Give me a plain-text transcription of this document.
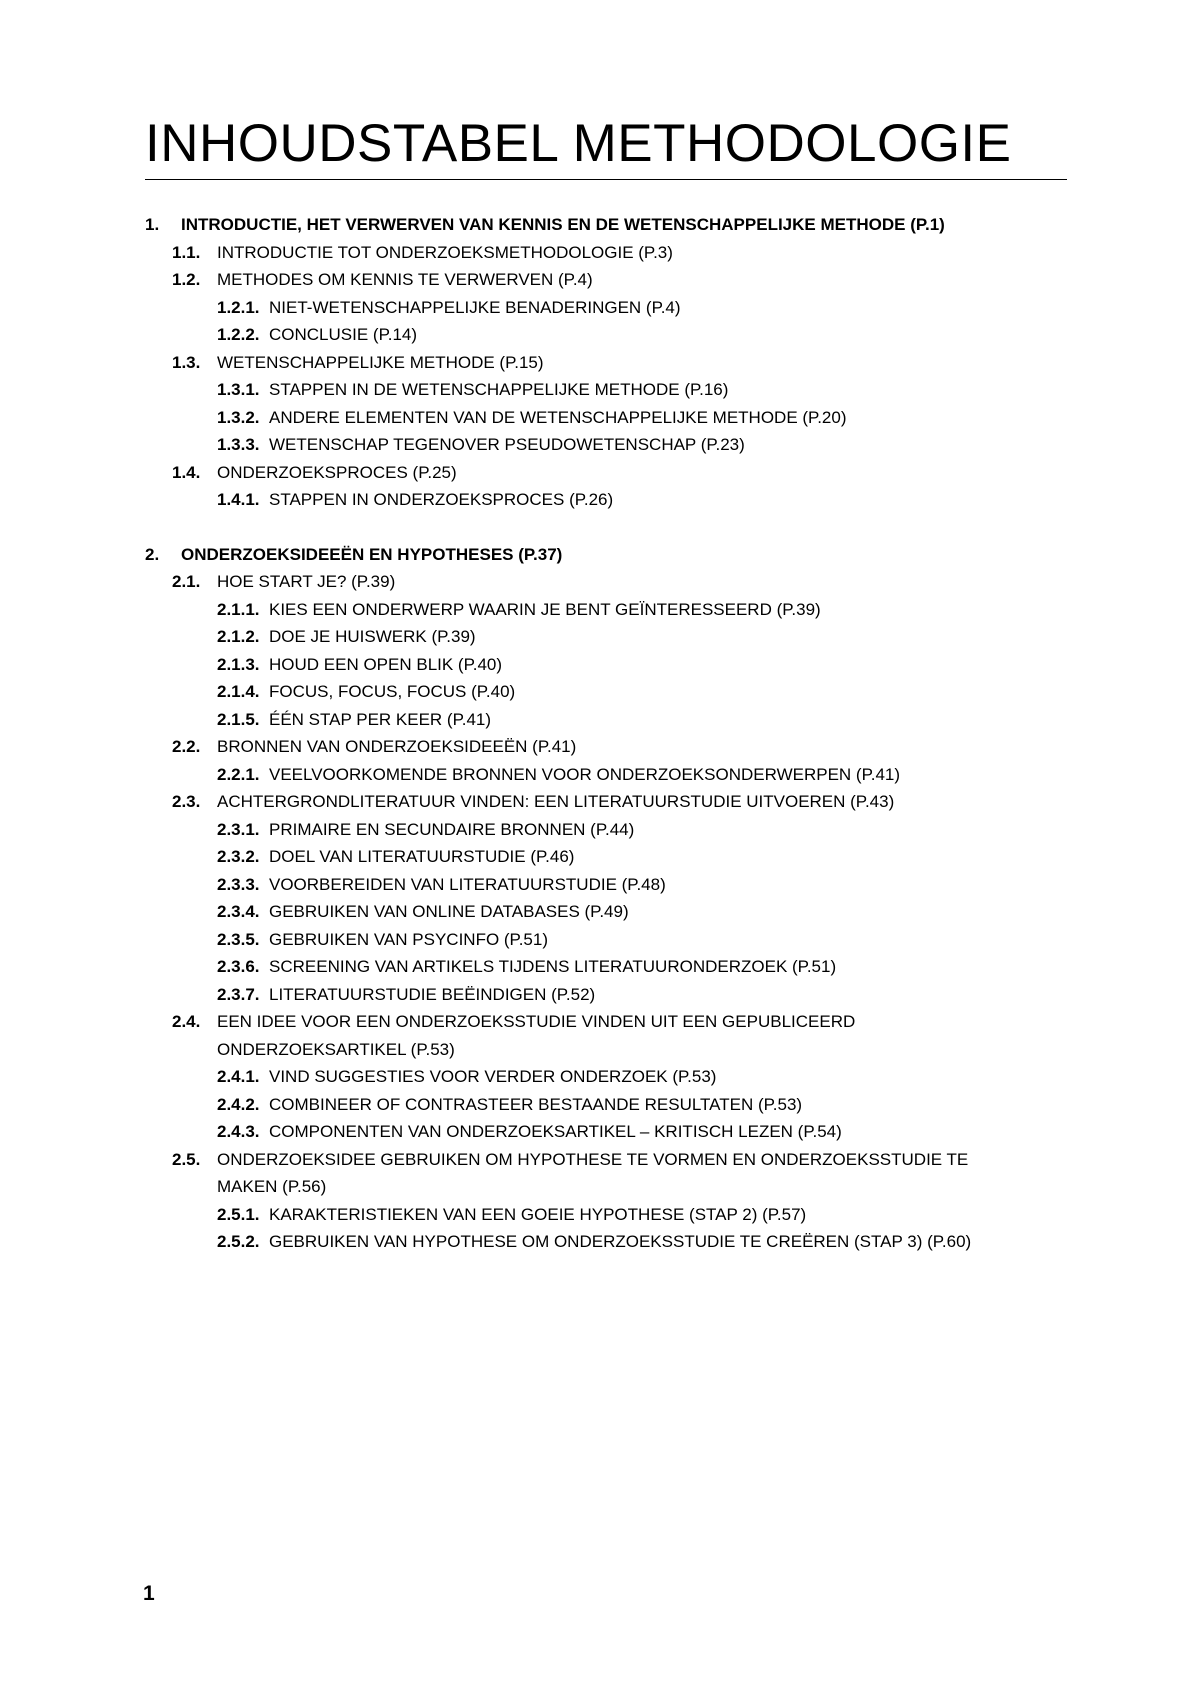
INHOUDSTABEL METHODOLOGIE
1. INTRODUCTIE, HET VERWERVEN VAN KENNIS EN DE WETENSCHAPPELIJKE METHODE (P.1)
1.1. INTRODUCTIE TOT ONDERZOEKSMETHODOLOGIE (P.3)
1.2. METHODES OM KENNIS TE VERWERVEN (P.4)
1.2.1. NIET-WETENSCHAPPELIJKE BENADERINGEN (P.4)
1.2.2. CONCLUSIE (P.14)
1.3. WETENSCHAPPELIJKE METHODE (P.15)
1.3.1. STAPPEN IN DE WETENSCHAPPELIJKE METHODE (P.16)
1.3.2. ANDERE ELEMENTEN VAN DE WETENSCHAPPELIJKE METHODE (P.20)
1.3.3. WETENSCHAP TEGENOVER PSEUDOWETENSCHAP (P.23)
1.4. ONDERZOEKSPROCES (P.25)
1.4.1. STAPPEN IN ONDERZOEKSPROCES (P.26)
2. ONDERZOEKSIDEEËN EN HYPOTHESES (P.37)
2.1. HOE START JE? (P.39)
2.1.1. KIES EEN ONDERWERP WAARIN JE BENT GEÏNTERESSEERD (P.39)
2.1.2. DOE JE HUISWERK (P.39)
2.1.3. HOUD EEN OPEN BLIK (P.40)
2.1.4. FOCUS, FOCUS, FOCUS (P.40)
2.1.5. ÉÉN STAP PER KEER (P.41)
2.2. BRONNEN VAN ONDERZOEKSIDEEËN (P.41)
2.2.1. VEELVOORKOMENDE BRONNEN VOOR ONDERZOEKSONDERWERPEN (P.41)
2.3. ACHTERGRONDLITERATUUR VINDEN: EEN LITERATUURSTUDIE UITVOEREN (P.43)
2.3.1. PRIMAIRE EN SECUNDAIRE BRONNEN (P.44)
2.3.2. DOEL VAN LITERATUURSTUDIE (P.46)
2.3.3. VOORBEREIDEN VAN LITERATUURSTUDIE (P.48)
2.3.4. GEBRUIKEN VAN ONLINE DATABASES (P.49)
2.3.5. GEBRUIKEN VAN PSYCINFO (P.51)
2.3.6. SCREENING VAN ARTIKELS TIJDENS LITERATUURONDERZOEK (P.51)
2.3.7. LITERATUURSTUDIE BEËINDIGEN (P.52)
2.4. EEN IDEE VOOR EEN ONDERZOEKSSTUDIE VINDEN UIT EEN GEPUBLICEERD ONDERZOEKSARTIKEL (P.53)
2.4.1. VIND SUGGESTIES VOOR VERDER ONDERZOEK (P.53)
2.4.2. COMBINEER OF CONTRASTEER BESTAANDE RESULTATEN (P.53)
2.4.3. COMPONENTEN VAN ONDERZOEKSARTIKEL – KRITISCH LEZEN (P.54)
2.5. ONDERZOEKSIDEE GEBRUIKEN OM HYPOTHESE TE VORMEN EN ONDERZOEKSSTUDIE TE MAKEN (P.56)
2.5.1. KARAKTERISTIEKEN VAN EEN GOEIE HYPOTHESE (STAP 2) (P.57)
2.5.2. GEBRUIKEN VAN HYPOTHESE OM ONDERZOEKSSTUDIE TE CREËREN (STAP 3) (P.60)
1
